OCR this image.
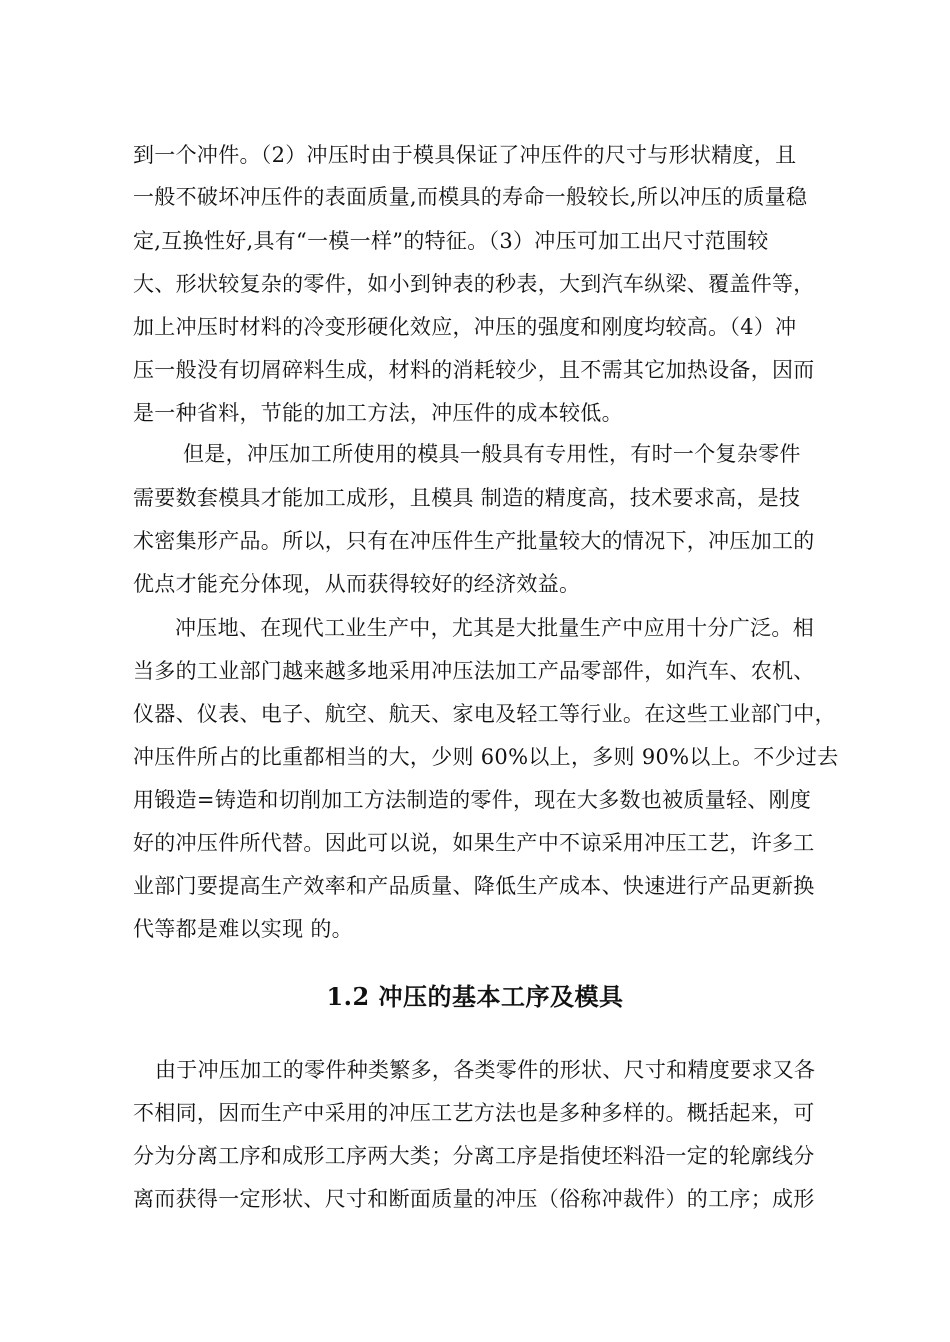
到一个冲件。（2）冲压时由于模具保证了冲压件的尺寸与形状精度，且
一般不破坏冲压件的表面质量,而模具的寿命一般较长,所以冲压的质量稳
定,互换性好,具有“一模一样”的特征。（3）冲压可加工出尺寸范围较
大、形状较复杂的零件，如小到钟表的秒表，大到汽车纵梁、覆盖件等，
加上冲压时材料的冷变形硬化效应，冲压的强度和刚度均较高。（4）冲
压一般没有切屑碎料生成，材料的消耗较少，且不需其它加热设备，因而
是一种省料，节能的加工方法，冲压件的成本较低。
但是，冲压加工所使用的模具一般具有专用性，有时一个复杂零件
需要数套模具才能加工成形，且模具 制造的精度高，技术要求高，是技
术密集形产品。所以，只有在冲压件生产批量较大的情况下，冲压加工的
优点才能充分体现，从而获得较好的经济效益。
冲压地、在现代工业生产中，尤其是大批量生产中应用十分广泛。相
当多的工业部门越来越多地采用冲压法加工产品零部件，如汽车、农机、
仪器、仪表、电子、航空、航天、家电及轻工等行业。在这些工业部门中，
冲压件所占的比重都相当的大，少则 60%以上，多则 90%以上。不少过去
用锻造=铸造和切削加工方法制造的零件，现在大多数也被质量轻、刚度
好的冲压件所代替。因此可以说，如果生产中不谅采用冲压工艺，许多工
业部门要提高生产效率和产品质量、降低生产成本、快速进行产品更新换
代等都是难以实现 的。
1.2 冲压的基本工序及模具
由于冲压加工的零件种类繁多，各类零件的形状、尺寸和精度要求又各
不相同，因而生产中采用的冲压工艺方法也是多种多样的。概括起来，可
分为分离工序和成形工序两大类；分离工序是指使坯料沿一定的轮廓线分
离而获得一定形状、尺寸和断面质量的冲压（俗称冲裁件）的工序；成形
